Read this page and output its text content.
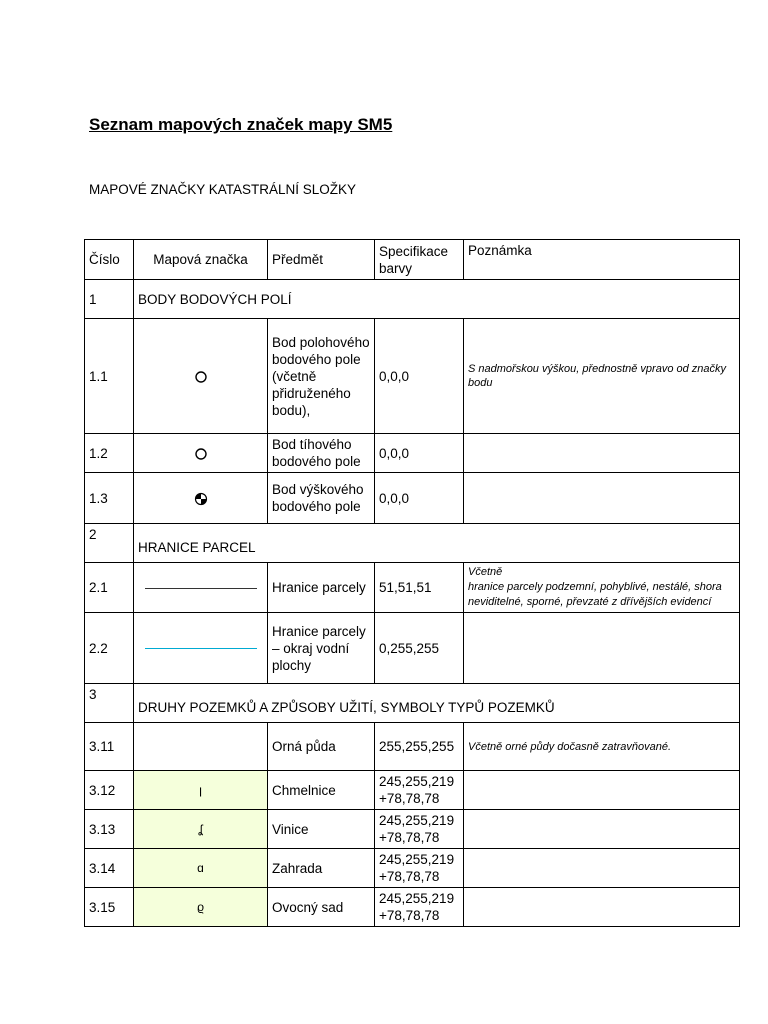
Seznam mapových značek mapy SM5
MAPOVÉ ZNAČKY KATASTRÁLNÍ SLOŽKY
Číslo	Mapová značka	Předmět	Specifikace barvy	Poznámka
1	BODY BODOVÝCH POLÍ			
1.1		Bod polohového bodového pole (včetně přidruženého bodu),	0,0,0	S nadmořskou výškou, přednostně vpravo od značky bodu
1.2		Bod tíhového bodového pole	0,0,0	
1.3		Bod výškového bodového pole	0,0,0	
2	HRANICE PARCEL			
2.1		Hranice parcely	51,51,51	Včetně
hranice parcely podzemní, pohyblivé, nestálé, shora neviditelné, sporné, převzaté z dřívějších evidencí
2.2		Hranice parcely – okraj vodní plochy	0,255,255	
3	DRUHY POZEMKŮ A ZPŮSOBY UŽITÍ, SYMBOLY TYPŮ POZEMKŮ			
3.11		Orná půda	255,255,255	Včetně orné půdy dočasně zatravňované.
3.12	ꞁ	Chmelnice	245,255,219 +78,78,78	
3.13	ʆ	Vinice	245,255,219 +78,78,78	
3.14	ɑ	Zahrada	245,255,219 +78,78,78	
3.15	ϱ	Ovocný sad	245,255,219 +78,78,78	
